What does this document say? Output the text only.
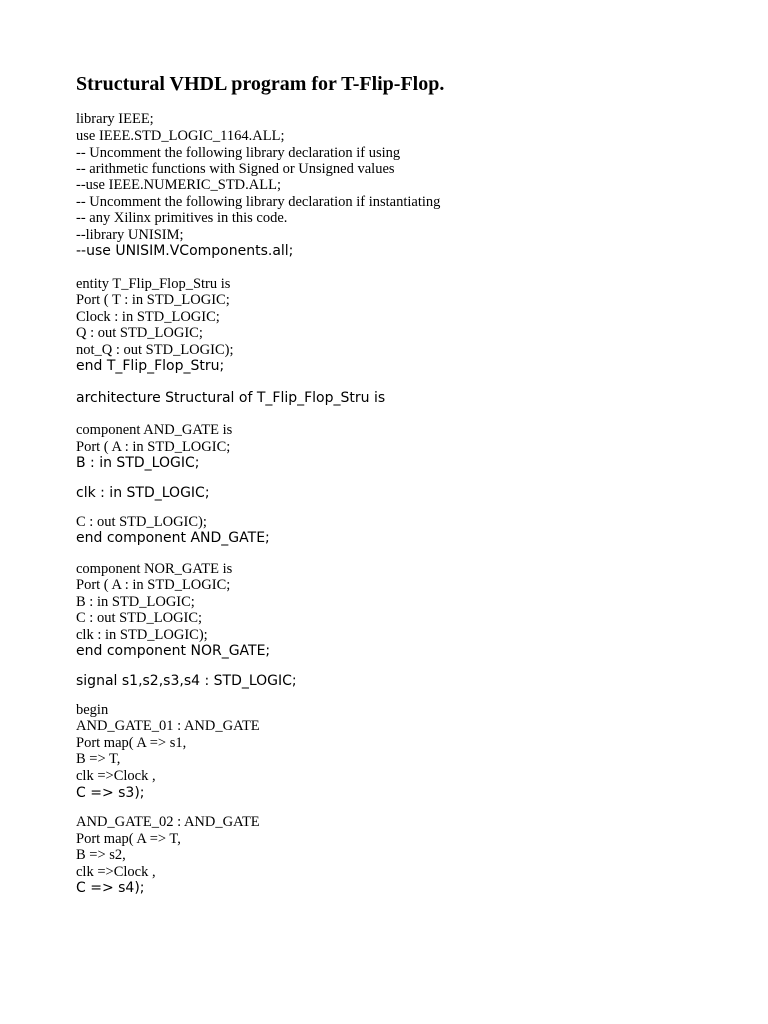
Structural VHDL program for T-Flip-Flop.
library IEEE;
use IEEE.STD_LOGIC_1164.ALL;
-- Uncomment the following library declaration if using
-- arithmetic functions with Signed or Unsigned values
--use IEEE.NUMERIC_STD.ALL;
-- Uncomment the following library declaration if instantiating
-- any Xilinx primitives in this code.
--library UNISIM;
--use UNISIM.VComponents.all;
entity T_Flip_Flop_Stru is
Port ( T : in STD_LOGIC;
Clock : in STD_LOGIC;
Q : out STD_LOGIC;
not_Q : out STD_LOGIC);
end T_Flip_Flop_Stru;
architecture Structural of T_Flip_Flop_Stru is
component AND_GATE is
Port ( A : in STD_LOGIC;
B : in STD_LOGIC;
clk : in STD_LOGIC;
C : out STD_LOGIC);
end component AND_GATE;
component NOR_GATE is
Port ( A : in STD_LOGIC;
B : in STD_LOGIC;
C : out STD_LOGIC;
clk : in STD_LOGIC);
end component NOR_GATE;
signal s1,s2,s3,s4 : STD_LOGIC;
begin
AND_GATE_01 : AND_GATE
Port map( A => s1,
B => T,
clk =>Clock ,
C => s3);
AND_GATE_02 : AND_GATE
Port map( A => T,
B => s2,
clk =>Clock ,
C => s4);
